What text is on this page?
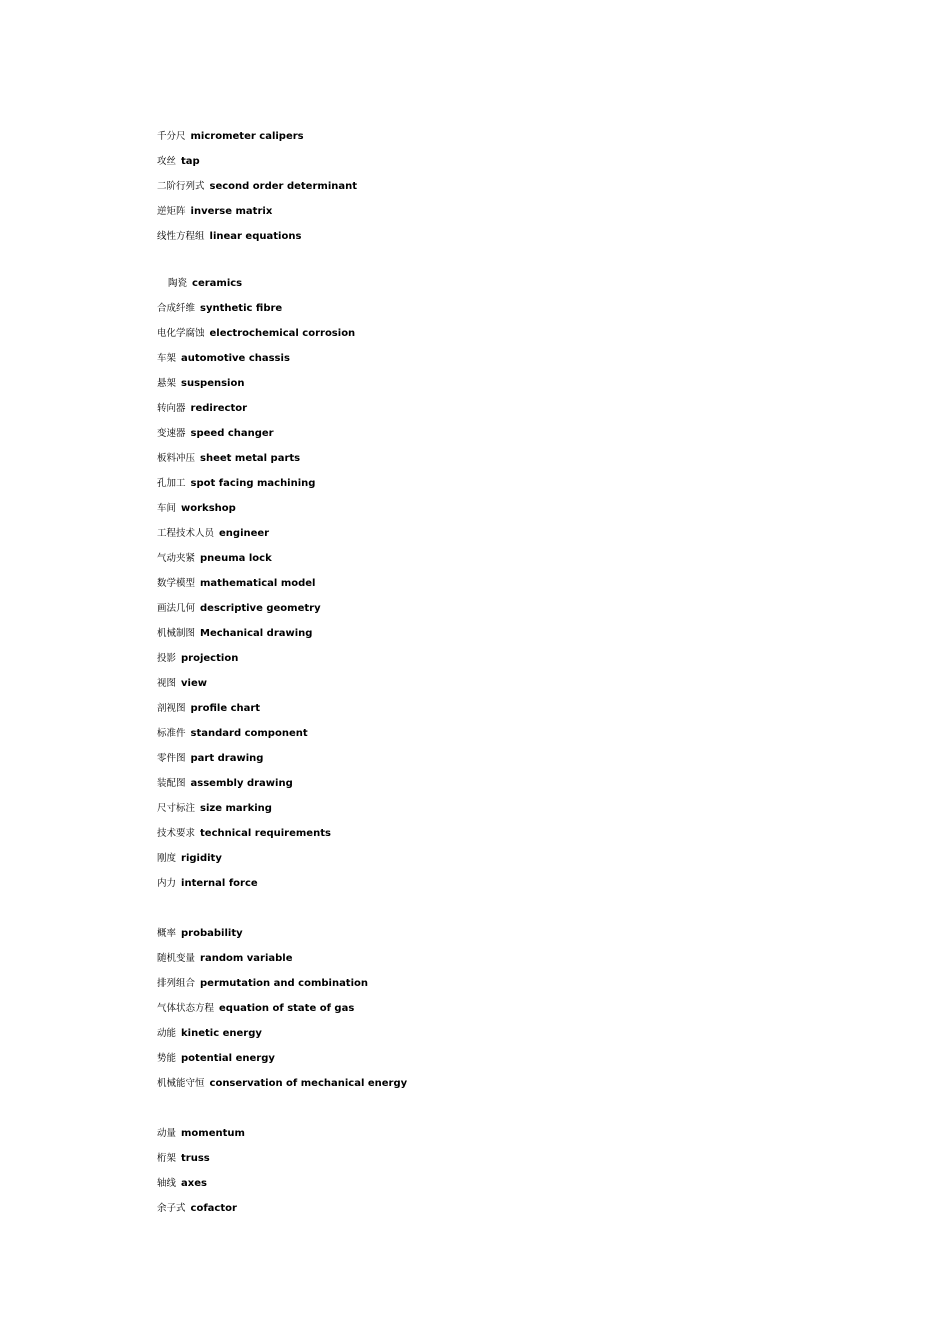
千分尺 micrometer calipers
攻丝 tap
二阶行列式 second order determinant
逆矩阵 inverse matrix
线性方程组 linear equations
陶瓷 ceramics
合成纤维 synthetic fibre
电化学腐蚀 electrochemical corrosion
车架 automotive chassis
悬架 suspension
转向器 redirector
变速器 speed changer
板料冲压 sheet metal parts
孔加工 spot facing machining
车间 workshop
工程技术人员 engineer
气动夹紧 pneuma lock
数学模型 mathematical model
画法几何 descriptive geometry
机械制图 Mechanical drawing
投影 projection
视图 view
剖视图 profile chart
标准件 standard component
零件图 part drawing
装配图 assembly drawing
尺寸标注 size marking
技术要求 technical requirements
刚度 rigidity
内力 internal force
概率 probability
随机变量 random variable
排列组合 permutation and combination
气体状态方程 equation of state of gas
动能 kinetic energy
势能 potential energy
机械能守恒 conservation of mechanical energy
动量 momentum
桁架 truss
轴线 axes
余子式 cofactor
